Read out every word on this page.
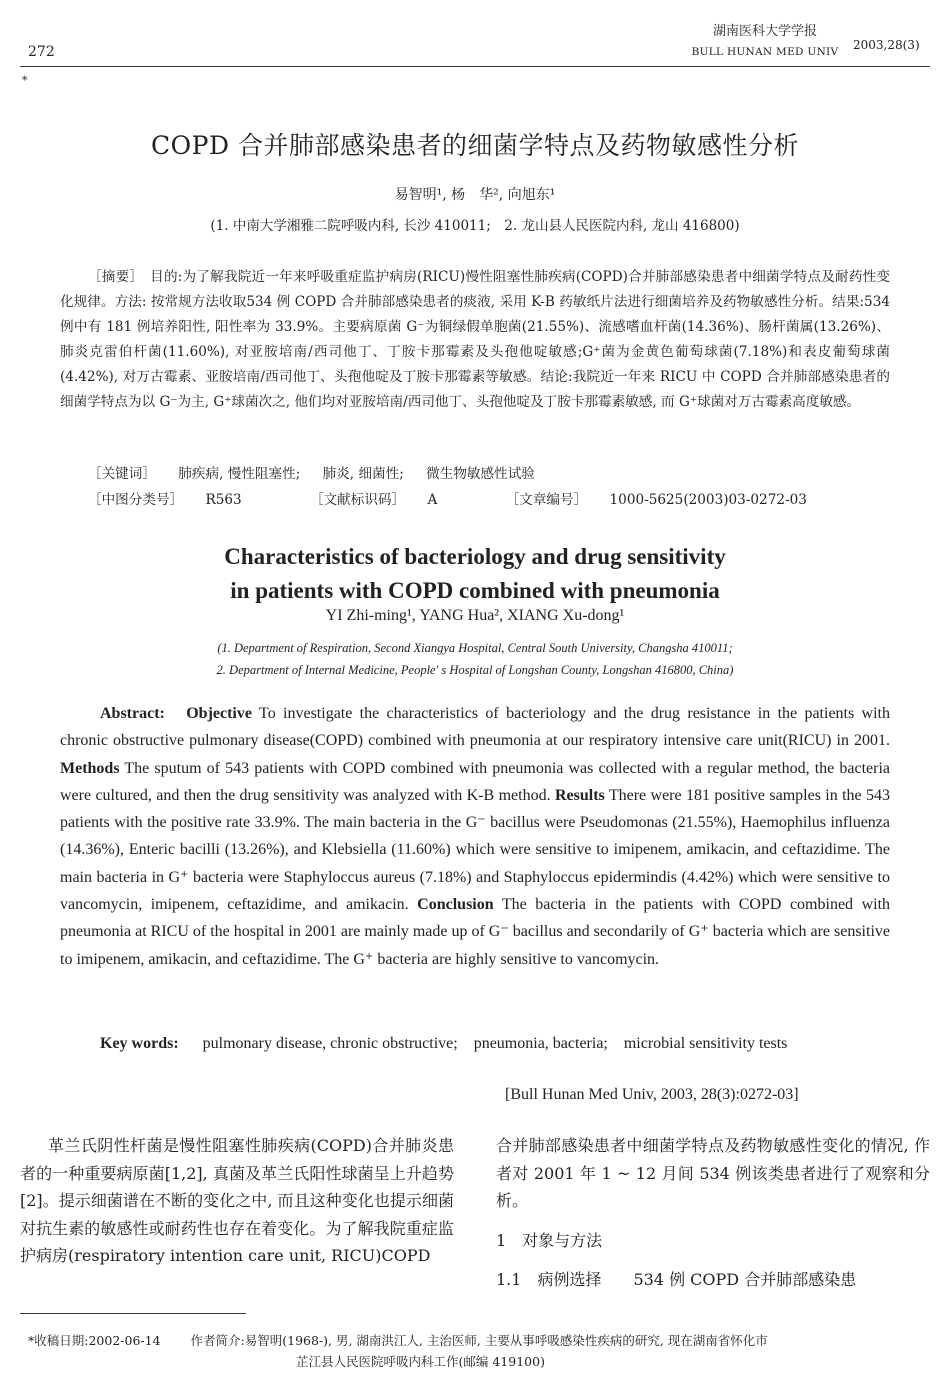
272
*
湖南医科大学学报
BULL HUNAN MED UNIV	2003,28(3)
COPD 合并肺部感染患者的细菌学特点及药物敏感性分析
易智明¹, 杨　华², 向旭东¹
(1. 中南大学湘雅二院呼吸内科, 长沙 410011;　2. 龙山县人民医院内科, 龙山 416800)
［摘要］　目的:为了解我院近一年来呼吸重症监护病房(RICU)慢性阻塞性肺疾病(COPD)合并肺部感染患者中细菌学特点及耐药性变化规律。方法: 按常规方法收取534 例 COPD 合并肺部感染患者的痰液, 采用 K-B 药敏纸片法进行细菌培养及药物敏感性分析。结果:534 例中有 181 例培养阳性, 阳性率为 33.9%。主要病原菌 G⁻为铜绿假单胞菌(21.55%)、流感嗜血杆菌(14.36%)、肠杆菌属(13.26%)、肺炎克雷伯杆菌(11.60%), 对亚胺培南/西司他丁、丁胺卡那霉素及头孢他啶敏感;G⁺菌为金黄色葡萄球菌(7.18%)和表皮葡萄球菌(4.42%), 对万古霉素、亚胺培南/西司他丁、头孢他啶及丁胺卡那霉素等敏感。结论:我院近一年来 RICU 中 COPD 合并肺部感染患者的细菌学特点为以 G⁻为主, G⁺球菌次之, 他们均对亚胺培南/西司他丁、头孢他啶及丁胺卡那霉素敏感, 而 G⁺球菌对万古霉素高度敏感。
［关键词］ 肺疾病, 慢性阻塞性; 肺炎, 细菌性; 微生物敏感性试验
［中图分类号］ R563	［文献标识码］ A	［文章编号］ 1000-5625(2003)03-0272-03
Characteristics of bacteriology and drug sensitivity
in patients with COPD combined with pneumonia
YI Zhi-ming¹, YANG Hua², XIANG Xu-dong¹
(1. Department of Respiration, Second Xiangya Hospital, Central South University, Changsha 410011;
2. Department of Internal Medicine, People' s Hospital of Longshan County, Longshan 416800, China)
Abstract: Objective To investigate the characteristics of bacteriology and the drug resistance in the patients with chronic obstructive pulmonary disease(COPD) combined with pneumonia at our respiratory intensive care unit(RICU) in 2001. Methods The sputum of 543 patients with COPD combined with pneumonia was collected with a regular method, the bacteria were cultured, and then the drug sensitivity was analyzed with K-B method. Results There were 181 positive samples in the 543 patients with the positive rate 33.9%. The main bacteria in the G⁻ bacillus were Pseudomonas (21.55%), Haemophilus influenza (14.36%), Enteric bacilli (13.26%), and Klebsiella (11.60%) which were sensitive to imipenem, amikacin, and ceftazidime. The main bacteria in G⁺ bacteria were Staphyloccus aureus (7.18%) and Staphyloccus epidermindis (4.42%) which were sensitive to vancomycin, imipenem, ceftazidime, and amikacin. Conclusion The bacteria in the patients with COPD combined with pneumonia at RICU of the hospital in 2001 are mainly made up of G⁻ bacillus and secondarily of G⁺ bacteria which are sensitive to imipenem, amikacin, and ceftazidime. The G⁺ bacteria are highly sensitive to vancomycin.
Key words: pulmonary disease, chronic obstructive;　pneumonia, bacteria;　microbial sensitivity tests
[Bull Hunan Med Univ, 2003, 28(3):0272-03]
革兰氏阴性杆菌是慢性阻塞性肺疾病(COPD)合并肺炎患者的一种重要病原菌[1,2], 真菌及革兰氏阳性球菌呈上升趋势[2]。提示细菌谱在不断的变化之中, 而且这种变化也提示细菌对抗生素的敏感性或耐药性也存在着变化。为了解我院重症监护病房(respiratory intention care unit, RICU)COPD
合并肺部感染患者中细菌学特点及药物敏感性变化的情况, 作者对 2001 年 1 ~ 12 月间 534 例该类患者进行了观察和分析。
1　对象与方法
1.1　病例选择　　534 例 COPD 合并肺部感染患
*收稿日期:2002-06-14 作者简介:易智明(1968-), 男, 湖南洪江人, 主治医师, 主要从事呼吸感染性疾病的研究, 现在湖南省怀化市
芷江县人民医院呼吸内科工作(邮编 419100)
